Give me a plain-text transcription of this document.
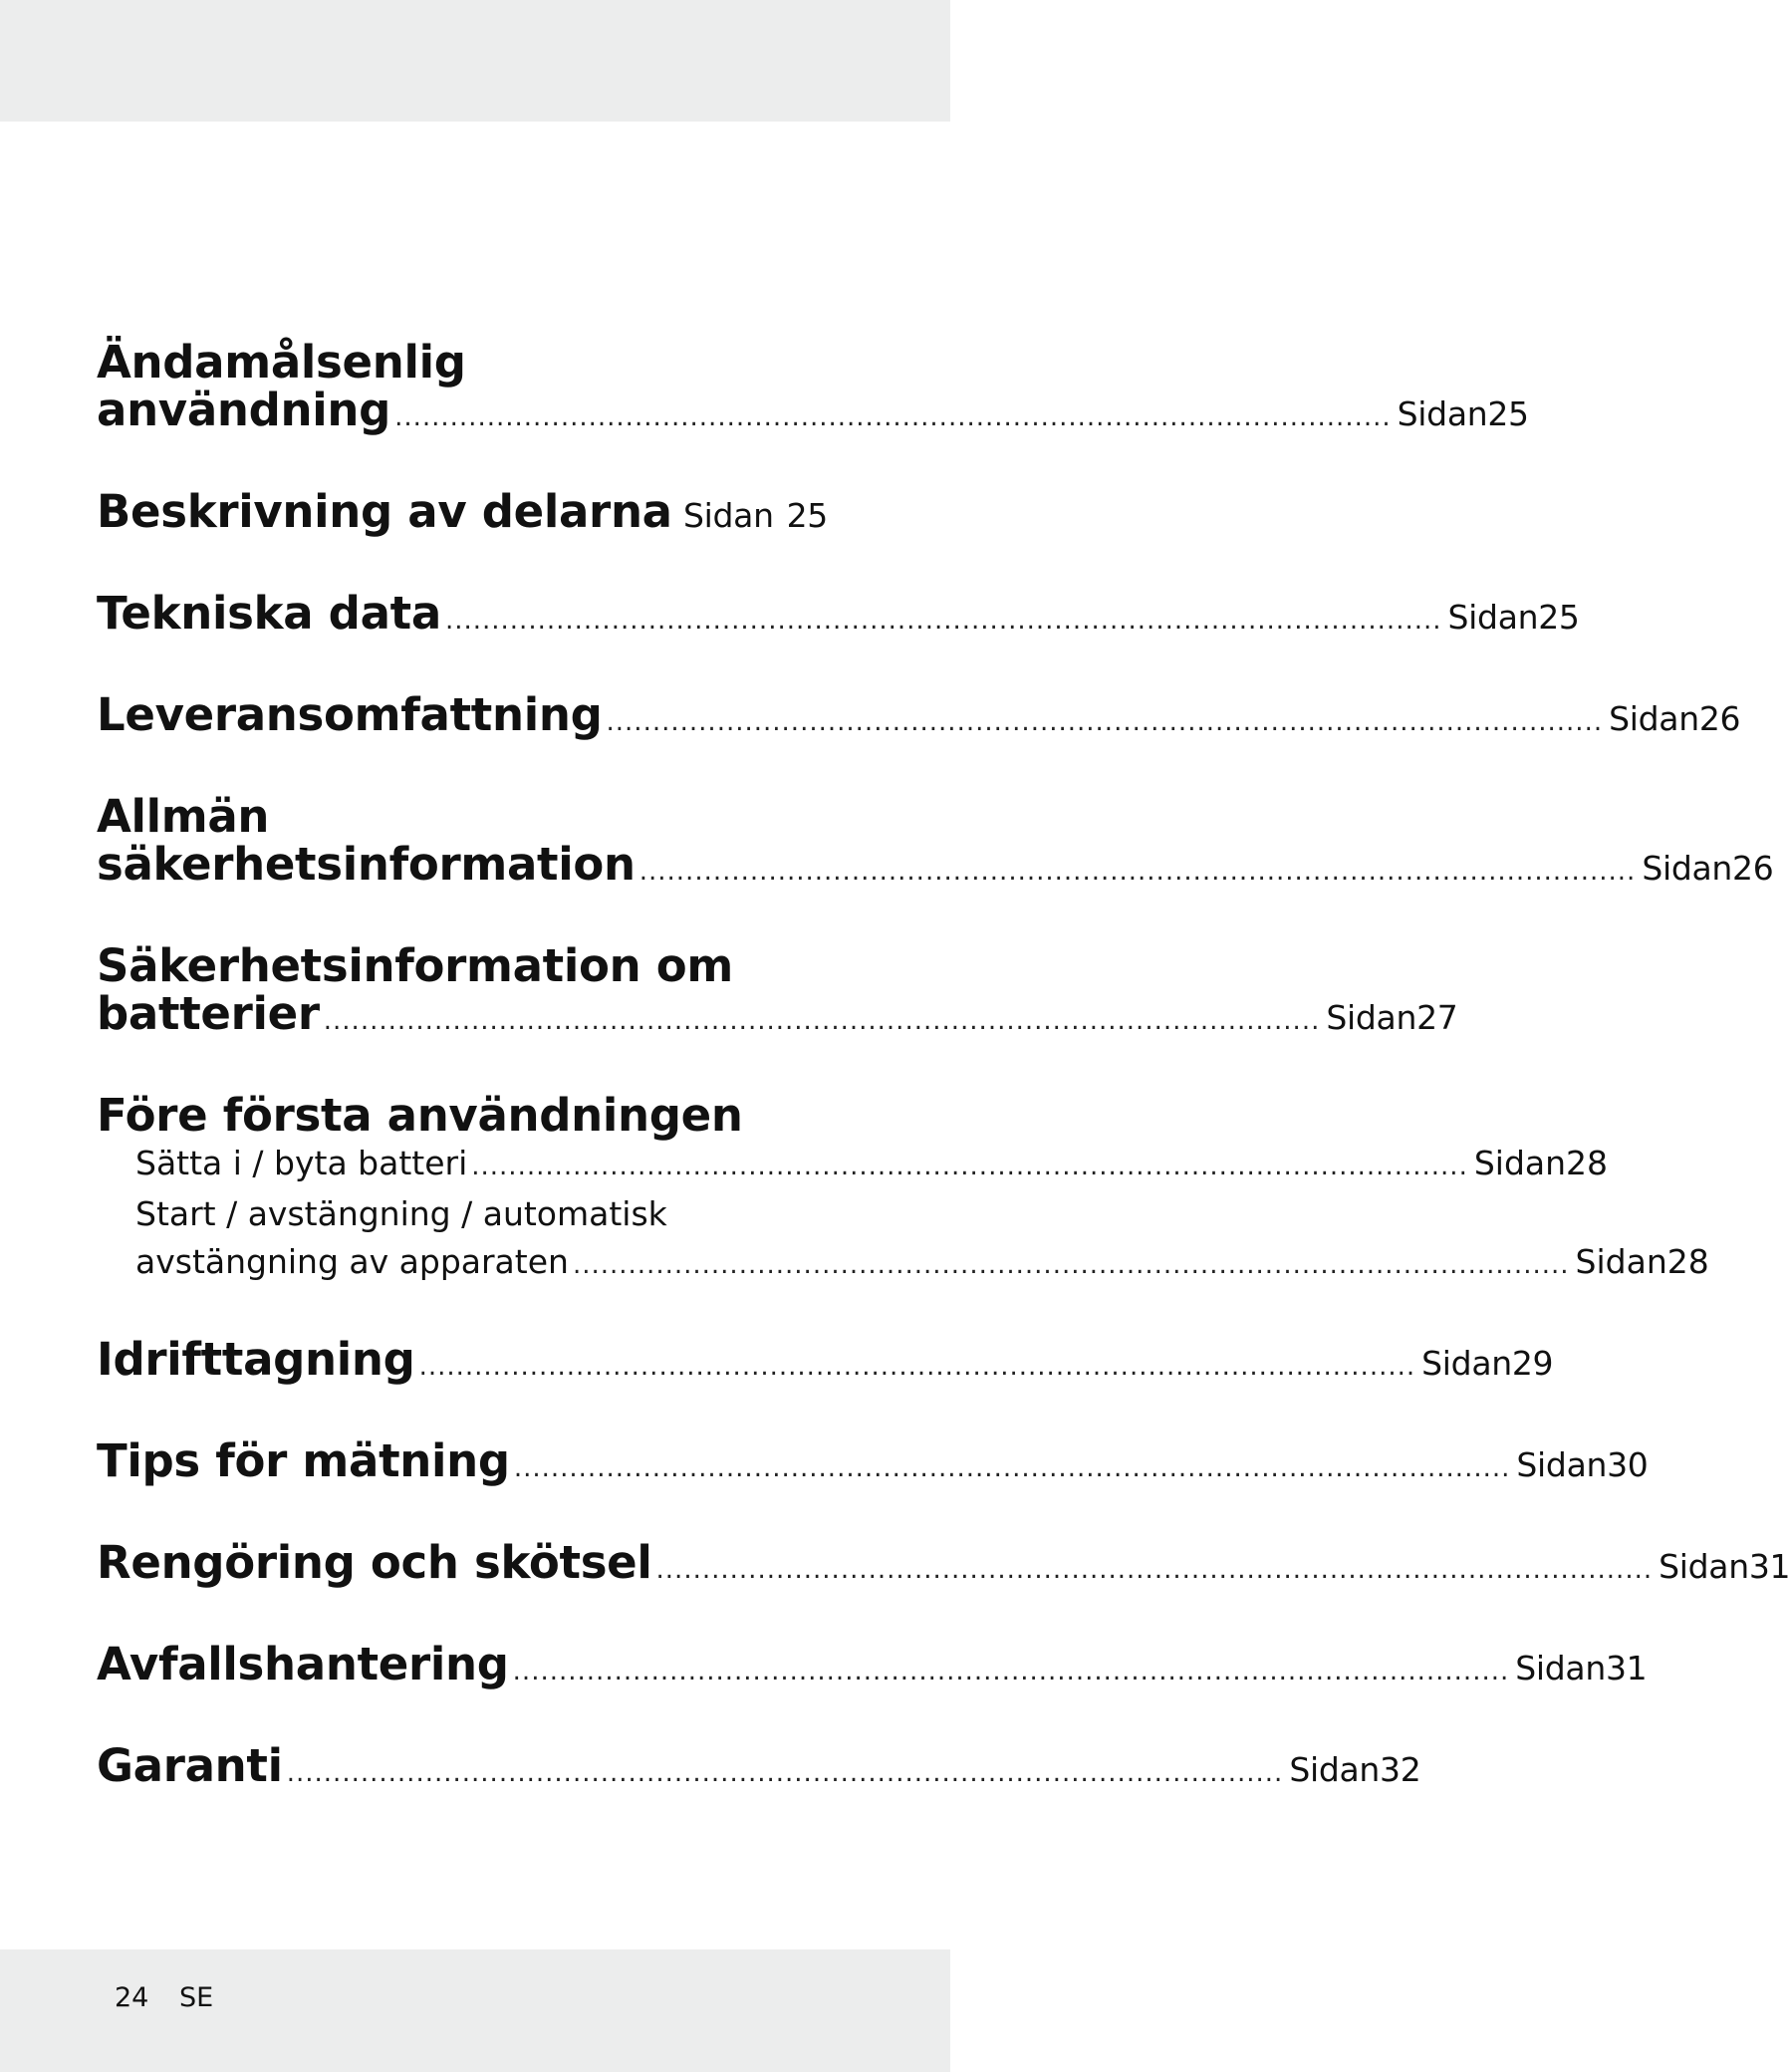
Ändamålsenlig
användning ............................................................................................................ Sidan 25
Beskrivning av delarna Sidan 25
Tekniska data ............................................................................................................ Sidan 25
Leveransomfattning ............................................................................................................ Sidan 26
Allmän
säkerhetsinformation ............................................................................................................ Sidan 26
Säkerhetsinformation om
batterier ............................................................................................................ Sidan 27
Före första användningen
Sätta i / byta batteri ............................................................................................................ Sidan 28
Start / avstängning / automatisk
avstängning av apparaten ............................................................................................................ Sidan 28
Idrifttagning ............................................................................................................ Sidan 29
Tips för mätning ............................................................................................................ Sidan 30
Rengöring och skötsel ............................................................................................................ Sidan 31
Avfallshantering ............................................................................................................ Sidan 31
Garanti ............................................................................................................ Sidan 32
24 SE
